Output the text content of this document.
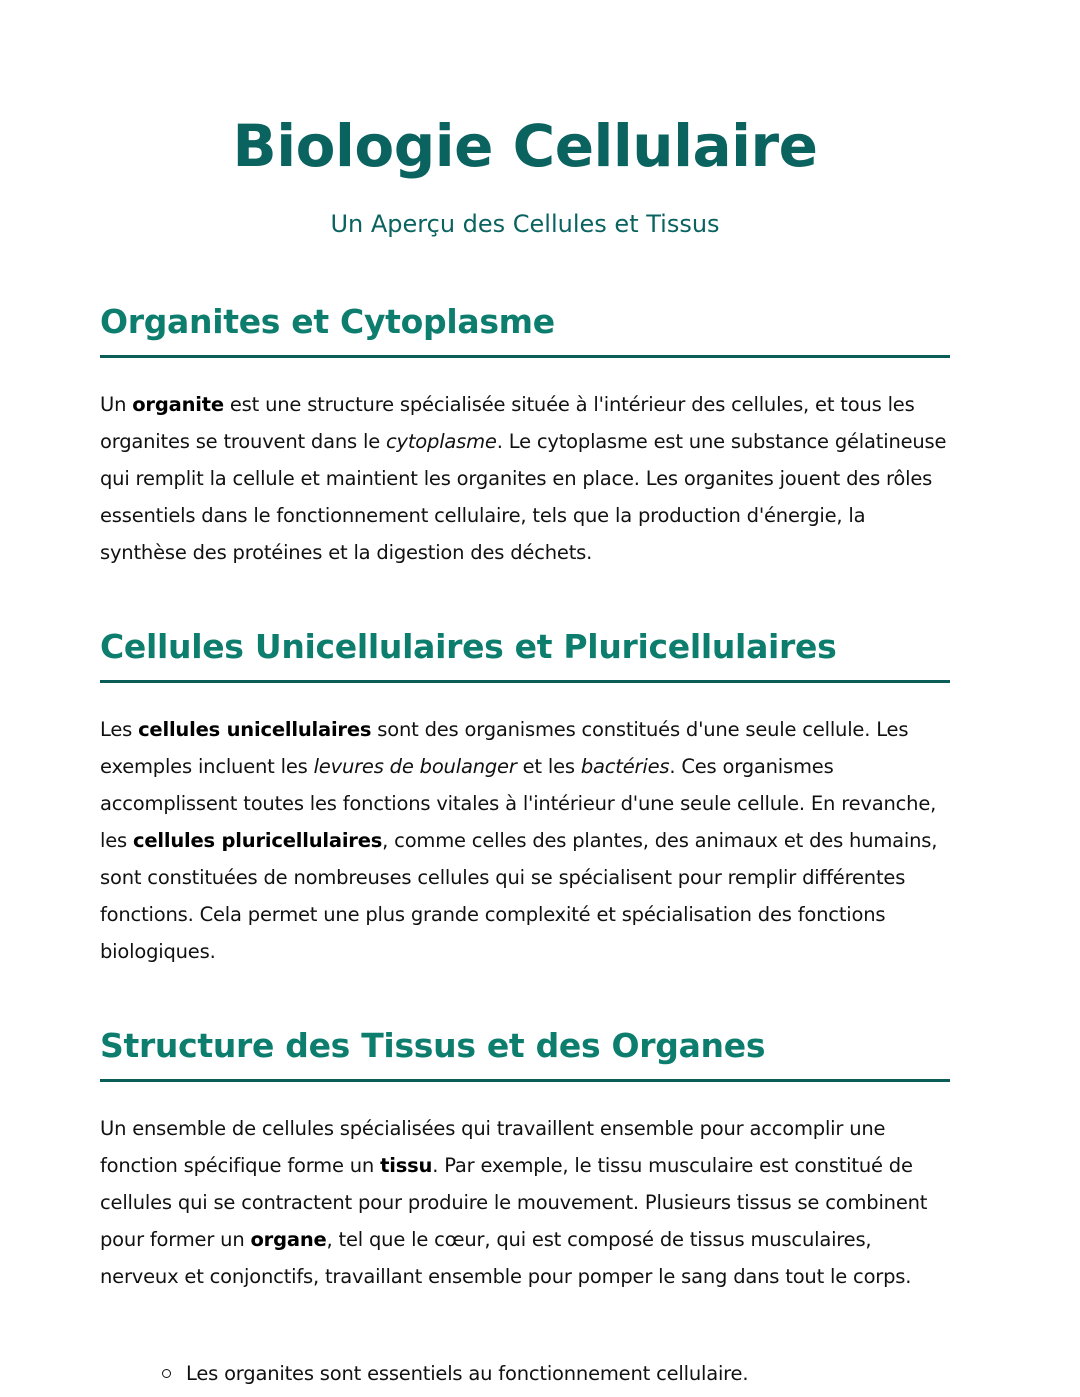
Biologie Cellulaire
Un Aperçu des Cellules et Tissus
Organites et Cytoplasme

Un organite est une structure spécialisée située à l'intérieur des cellules, et tous les organites se trouvent dans le cytoplasme. Le cytoplasme est une substance gélatineuse qui remplit la cellule et maintient les organites en place. Les organites jouent des rôles essentiels dans le fonctionnement cellulaire, tels que la production d'énergie, la synthèse des protéines et la digestion des déchets.

Cellules Unicellulaires et Pluricellulaires

Les cellules unicellulaires sont des organismes constitués d'une seule cellule. Les exemples incluent les levures de boulanger et les bactéries. Ces organismes accomplissent toutes les fonctions vitales à l'intérieur d'une seule cellule. En revanche, les cellules pluricellulaires, comme celles des plantes, des animaux et des humains, sont constituées de nombreuses cellules qui se spécialisent pour remplir différentes fonctions. Cela permet une plus grande complexité et spécialisation des fonctions biologiques.

Structure des Tissus et des Organes

Un ensemble de cellules spécialisées qui travaillent ensemble pour accomplir une fonction spécifique forme un tissu. Par exemple, le tissu musculaire est constitué de cellules qui se contractent pour produire le mouvement. Plusieurs tissus se combinent pour former un organe, tel que le cœur, qui est composé de tissus musculaires, nerveux et conjonctifs, travaillant ensemble pour pomper le sang dans tout le corps.

Les organites sont essentiels au fonctionnement cellulaire.
